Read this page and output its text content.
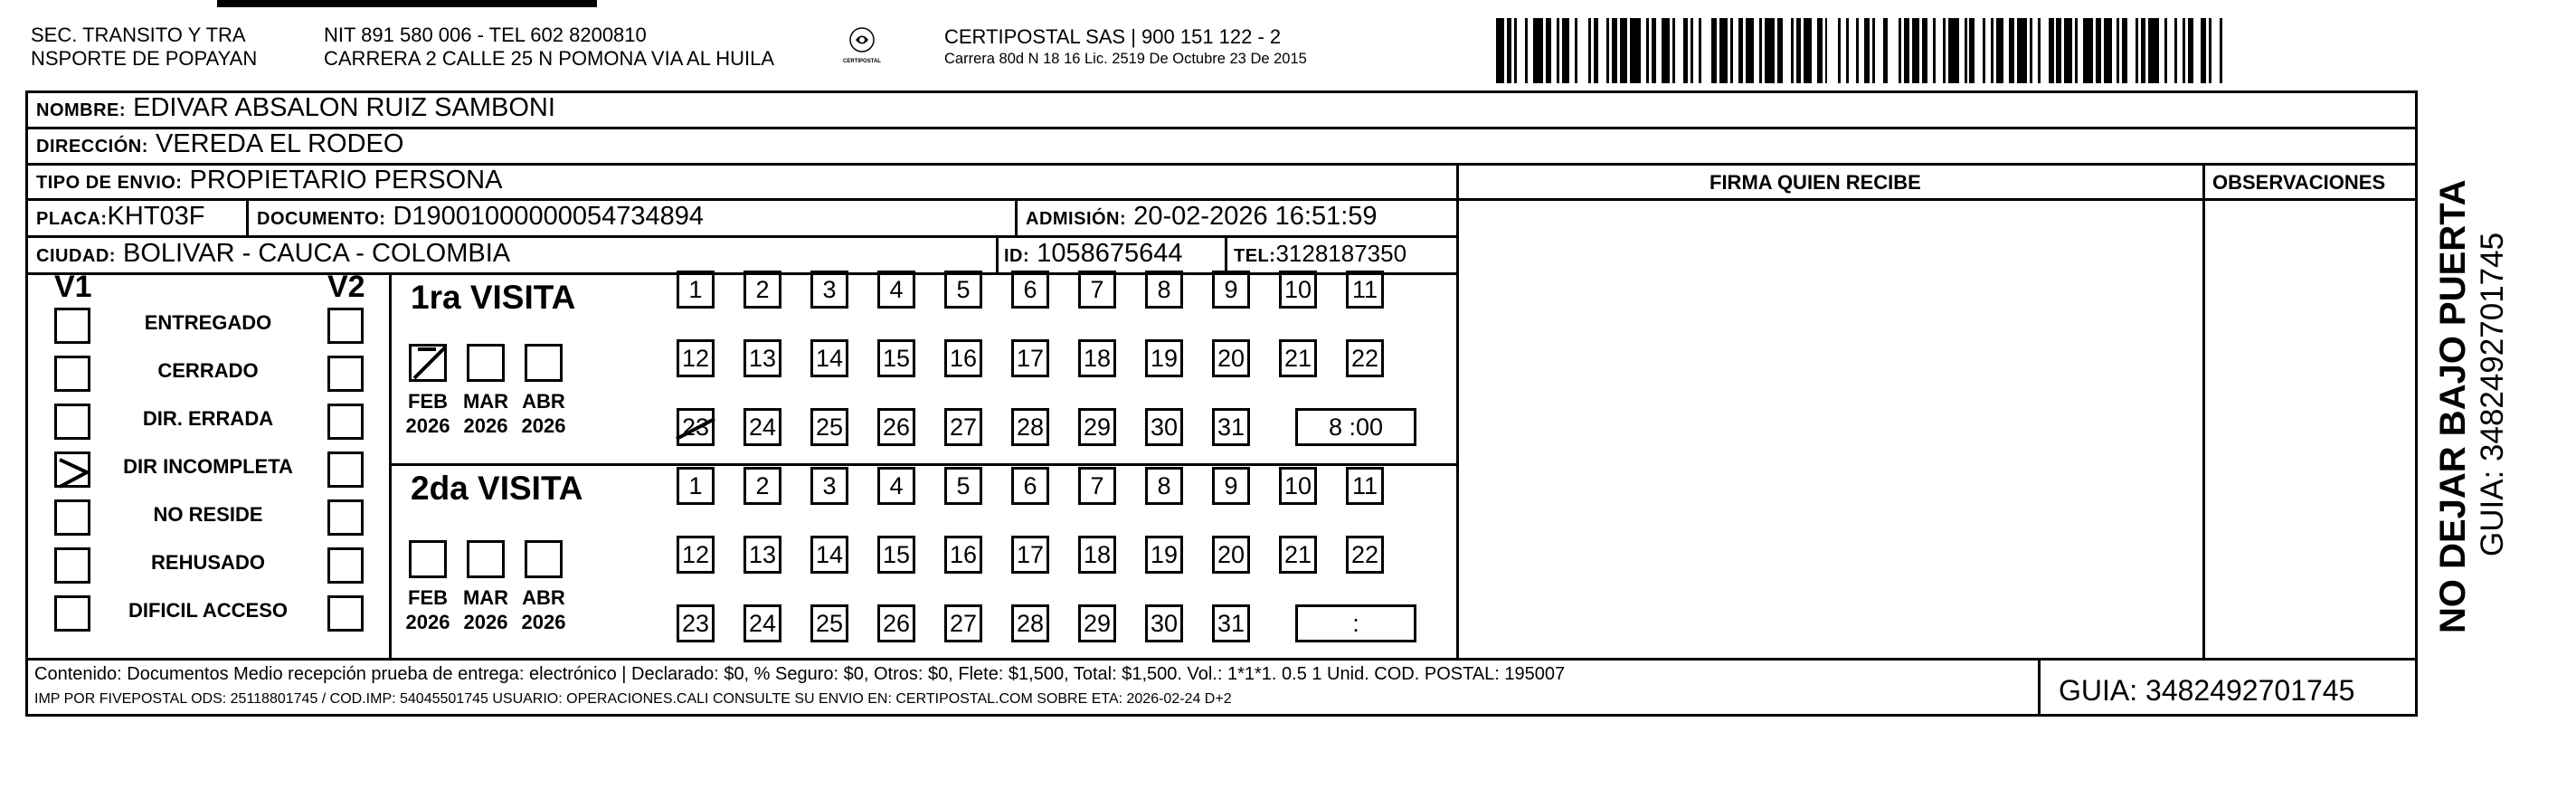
SEC. TRANSITO Y TRA
NSPORTE DE POPAYAN
NIT 891 580 006 - TEL 602 8200810
CARRERA 2 CALLE 25 N POMONA VIA AL HUILA	CERTIPOSTAL
CERTIPOSTAL SAS | 900 151 122 - 2
Carrera 80d N 18 16 Lic. 2519 De Octubre 23 De 2015
NOMBRE: EDIVAR ABSALON RUIZ SAMBONI
DIRECCIÓN: VEREDA EL RODEO
TIPO DE ENVIO: PROPIETARIO PERSONA
PLACA:KHT03F	DOCUMENTO: D19001000000054734894	ADMISIÓN: 20-02-2026 16:51:59
CIUDAD: BOLIVAR - CAUCA - COLOMBIA	ID: 1058675644	TEL:3128187350
FIRMA QUIEN RECIBE	OBSERVACIONES
V1	V2
ENTREGADO
CERRADO
DIR. ERRADA
DIR INCOMPLETA
NO RESIDE
REHUSADO
DIFICIL ACCESO
1ra VISITA
2da VISITA
FEB
2026
MAR
2026
ABR
2026
FEB
2026
MAR
2026
ABR
2026
1	2	3	4	5	6	7	8	9	10 11
12 13 14 15 16 17 18 19 20 21 22
23 24 25 26 27 28 29 30 31
1	2	3	4	5	6	7	8	9	10 11
12 13 14 15 16 17 18 19 20 21 22
23 24 25 26 27 28 29 30 31
8 :00
:
Contenido: Documentos Medio recepción prueba de entrega: electrónico | Declarado: $0, % Seguro: $0, Otros: $0, Flete: $1,500, Total: $1,500. Vol.: 1*1*1. 0.5 1 Unid. COD. POSTAL: 195007
IMP POR FIVEPOSTAL ODS: 25118801745 / COD.IMP: 54045501745 USUARIO: OPERACIONES.CALI CONSULTE SU ENVIO EN: CERTIPOSTAL.COM SOBRE ETA: 2026-02-24 D+2	GUIA: 3482492701745
NO DEJAR BAJO PUERTA GUIA: 3482492701745
